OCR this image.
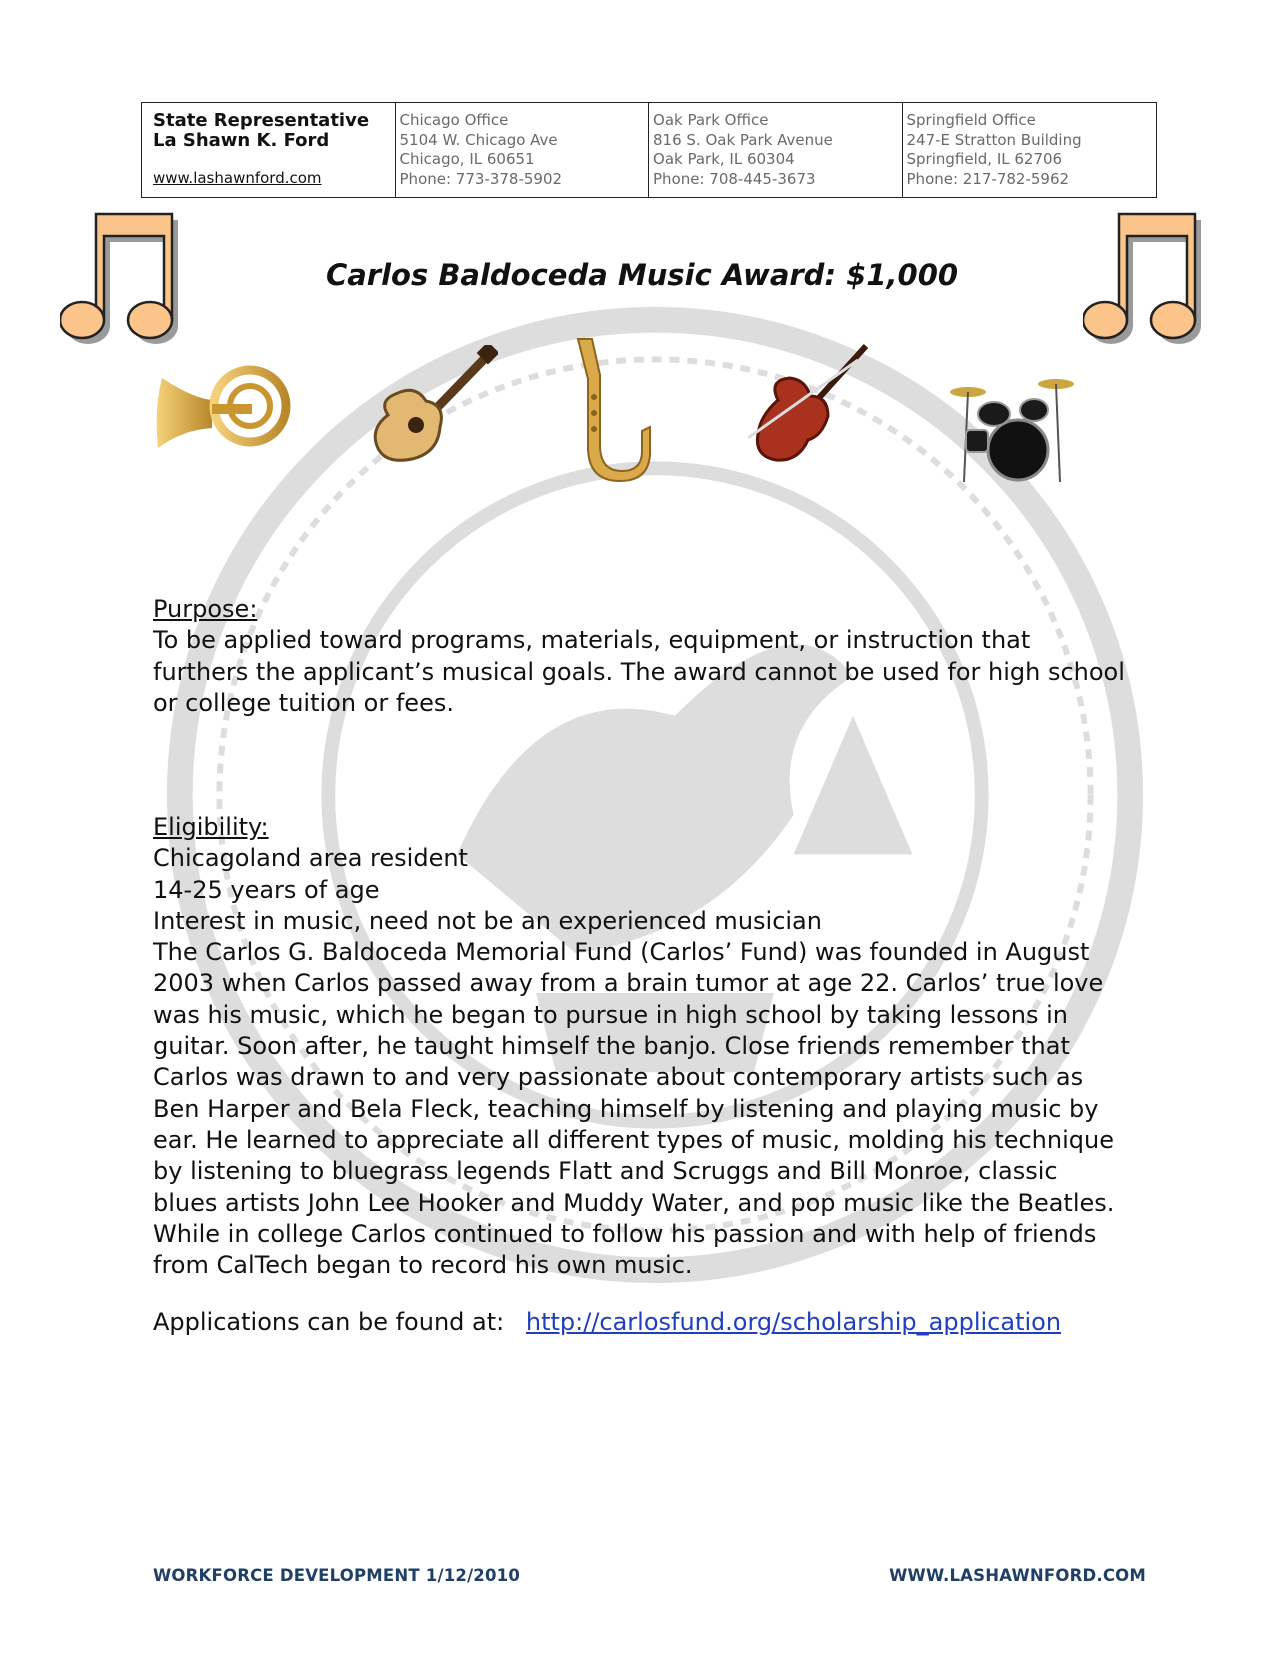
State Representative
La Shawn K. Ford
www.lashawnford.com
Chicago Office
5104 W. Chicago Ave
Chicago, IL 60651
Phone: 773-378-5902
Oak Park Office
816 S. Oak Park Avenue
Oak Park, IL 60304
Phone: 708-445-3673
Springfield Office
247-E Stratton Building
Springfield, IL 62706
Phone: 217-782-5962
Carlos Baldoceda Music Award: $1,000
Purpose:

To be applied toward programs, materials, equipment, or instruction that

furthers the applicant’s musical goals. The award cannot be used for high school

or college tuition or fees.

Eligibility:

Chicagoland area resident

14-25 years of age

Interest in music, need not be an experienced musician

The Carlos G. Baldoceda Memorial Fund (Carlos’ Fund) was founded in August

2003 when Carlos passed away from a brain tumor at age 22. Carlos’ true love

was his music, which he began to pursue in high school by taking lessons in

guitar. Soon after, he taught himself the banjo. Close friends remember that

Carlos was drawn to and very passionate about contemporary artists such as

Ben Harper and Bela Fleck, teaching himself by listening and playing music by

ear. He learned to appreciate all different types of music, molding his technique

by listening to bluegrass legends Flatt and Scruggs and Bill Monroe, classic

blues artists John Lee Hooker and Muddy Water, and pop music like the Beatles.

While in college Carlos continued to follow his passion and with help of friends

from CalTech began to record his own music.

Applications can be found at: http://carlosfund.org/scholarship_application
WORKFORCE DEVELOPMENT 1/12/2010	WWW.LASHAWNFORD.COM
